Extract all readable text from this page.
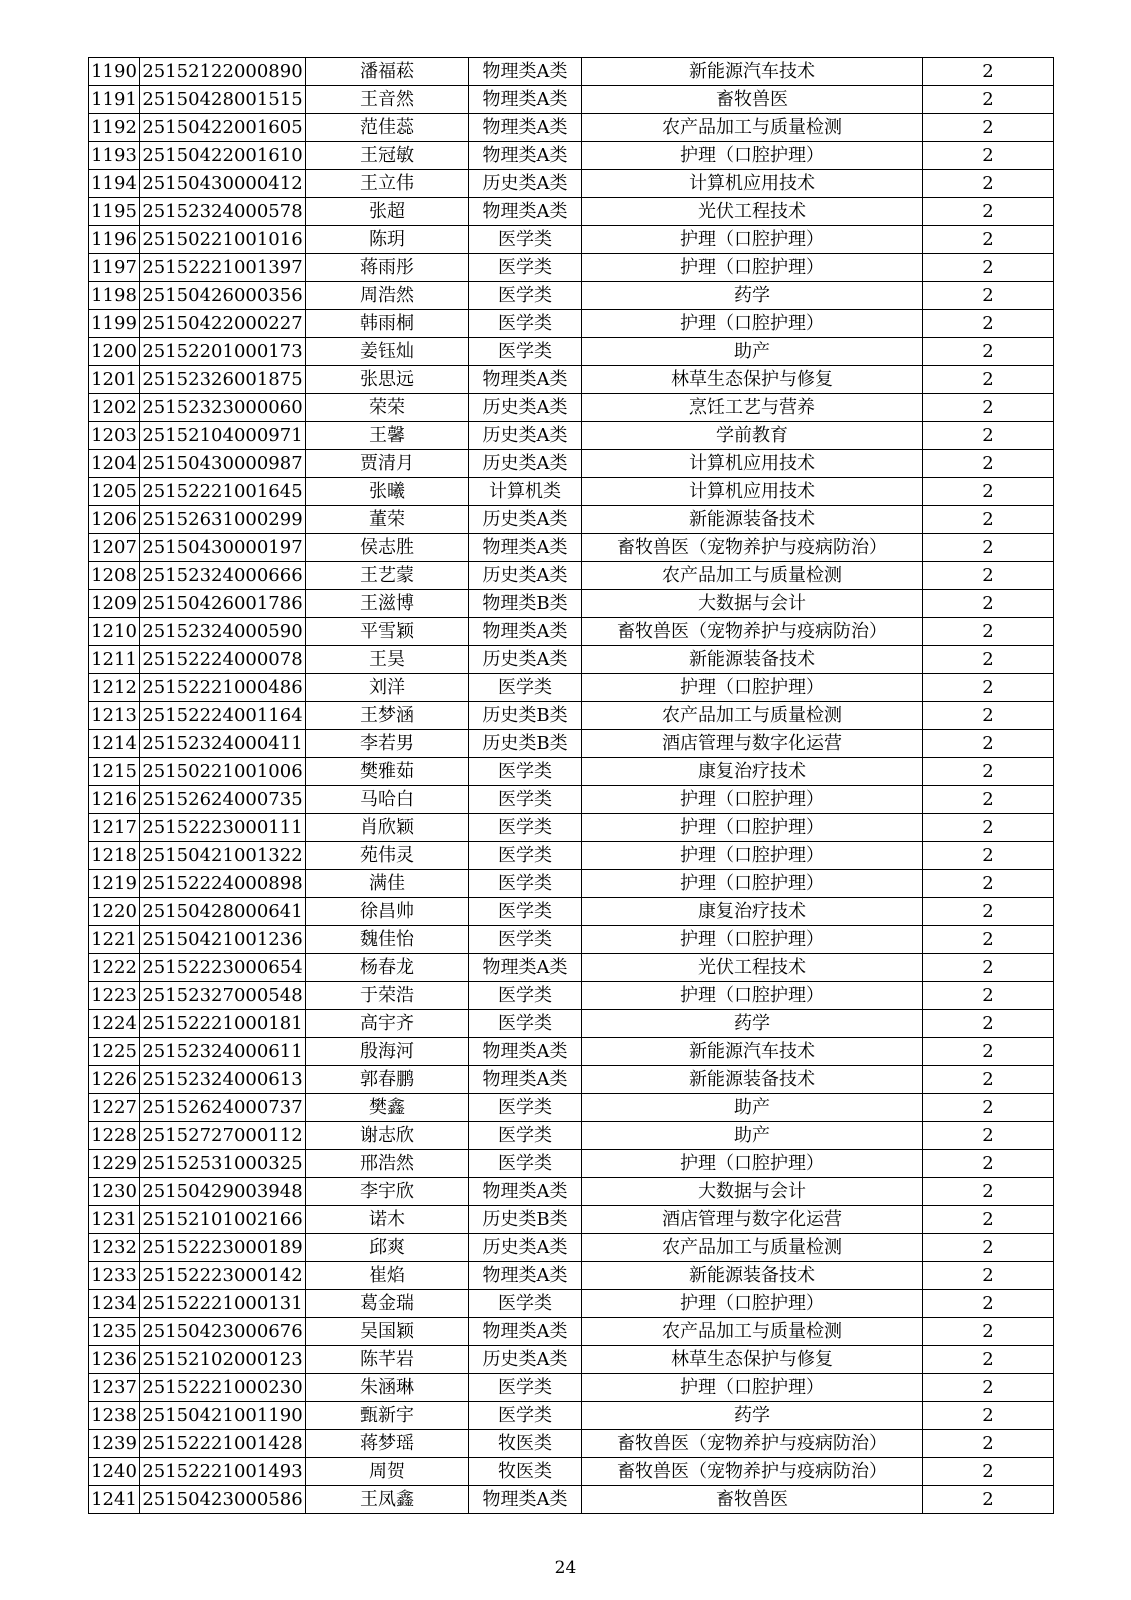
1190	25152122000890	潘福菘	物理类A类	新能源汽车技术	2
1191	25150428001515	王音然	物理类A类	畜牧兽医	2
1192	25150422001605	范佳蕊	物理类A类	农产品加工与质量检测	2
1193	25150422001610	王冠敏	物理类A类	护理（口腔护理）	2
1194	25150430000412	王立伟	历史类A类	计算机应用技术	2
1195	25152324000578	张超	物理类A类	光伏工程技术	2
1196	25150221001016	陈玥	医学类	护理（口腔护理）	2
1197	25152221001397	蒋雨彤	医学类	护理（口腔护理）	2
1198	25150426000356	周浩然	医学类	药学	2
1199	25150422000227	韩雨桐	医学类	护理（口腔护理）	2
1200	25152201000173	姜钰灿	医学类	助产	2
1201	25152326001875	张思远	物理类A类	林草生态保护与修复	2
1202	25152323000060	荣荣	历史类A类	烹饪工艺与营养	2
1203	25152104000971	王馨	历史类A类	学前教育	2
1204	25150430000987	贾清月	历史类A类	计算机应用技术	2
1205	25152221001645	张曦	计算机类	计算机应用技术	2
1206	25152631000299	董荣	历史类A类	新能源装备技术	2
1207	25150430000197	侯志胜	物理类A类	畜牧兽医（宠物养护与疫病防治）	2
1208	25152324000666	王艺蒙	历史类A类	农产品加工与质量检测	2
1209	25150426001786	王滋博	物理类B类	大数据与会计	2
1210	25152324000590	平雪颖	物理类A类	畜牧兽医（宠物养护与疫病防治）	2
1211	25152224000078	王昊	历史类A类	新能源装备技术	2
1212	25152221000486	刘洋	医学类	护理（口腔护理）	2
1213	25152224001164	王梦涵	历史类B类	农产品加工与质量检测	2
1214	25152324000411	李若男	历史类B类	酒店管理与数字化运营	2
1215	25150221001006	樊雅茹	医学类	康复治疗技术	2
1216	25152624000735	马哈白	医学类	护理（口腔护理）	2
1217	25152223000111	肖欣颖	医学类	护理（口腔护理）	2
1218	25150421001322	苑伟灵	医学类	护理（口腔护理）	2
1219	25152224000898	满佳	医学类	护理（口腔护理）	2
1220	25150428000641	徐昌帅	医学类	康复治疗技术	2
1221	25150421001236	魏佳怡	医学类	护理（口腔护理）	2
1222	25152223000654	杨春龙	物理类A类	光伏工程技术	2
1223	25152327000548	于荣浩	医学类	护理（口腔护理）	2
1224	25152221000181	高宇齐	医学类	药学	2
1225	25152324000611	殷海河	物理类A类	新能源汽车技术	2
1226	25152324000613	郭春鹏	物理类A类	新能源装备技术	2
1227	25152624000737	樊鑫	医学类	助产	2
1228	25152727000112	谢志欣	医学类	助产	2
1229	25152531000325	邢浩然	医学类	护理（口腔护理）	2
1230	25150429003948	李宇欣	物理类A类	大数据与会计	2
1231	25152101002166	诺木	历史类B类	酒店管理与数字化运营	2
1232	25152223000189	邱爽	历史类A类	农产品加工与质量检测	2
1233	25152223000142	崔焰	物理类A类	新能源装备技术	2
1234	25152221000131	葛金瑞	医学类	护理（口腔护理）	2
1235	25150423000676	吴国颖	物理类A类	农产品加工与质量检测	2
1236	25152102000123	陈芊岩	历史类A类	林草生态保护与修复	2
1237	25152221000230	朱涵琳	医学类	护理（口腔护理）	2
1238	25150421001190	甄新宇	医学类	药学	2
1239	25152221001428	蒋梦瑶	牧医类	畜牧兽医（宠物养护与疫病防治）	2
1240	25152221001493	周贺	牧医类	畜牧兽医（宠物养护与疫病防治）	2
1241	25150423000586	王凤鑫	物理类A类	畜牧兽医	2
24
